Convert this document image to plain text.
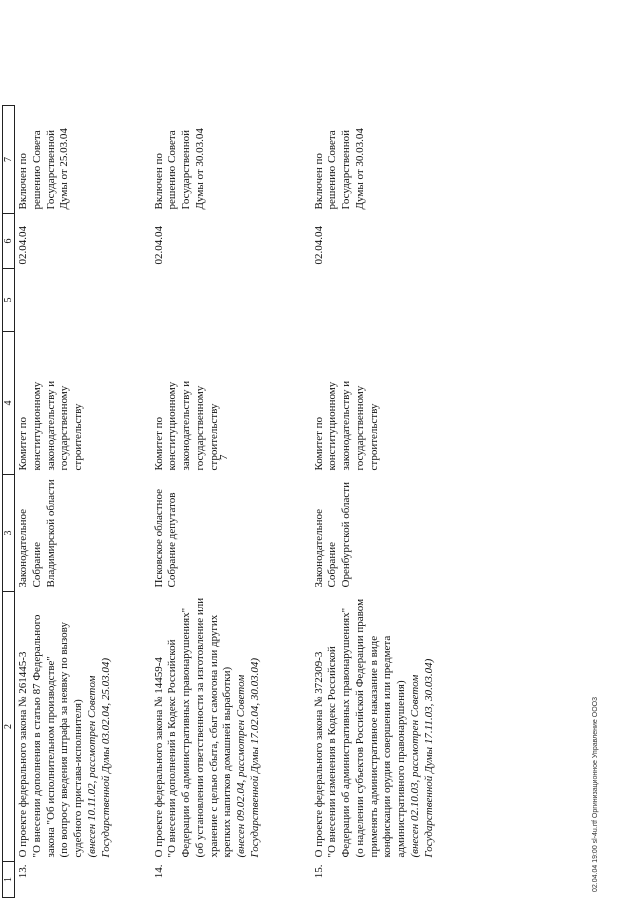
1	2	3	4	5	6	7
13.	О проекте федерального закона № 261445-3 "О внесении дополнения в статью 87 Федерального закона "Об исполнительном производстве" (по вопросу введения штрафа за неявку по вызову судебного пристава-исполнителя) (внесен 10.11.02, рассмотрен Советом Государственной Думы 03.02.04, 25.03.04)	Законодательное Собрание Владимирской области	Комитет по конституционному законодательству и государственному строительству		02.04.04	Включен по решению Совета Государственной Думы от 25.03.04
14.	О проекте федерального закона № 14459-4 "О внесении дополнений в Кодекс Российской Федерации об административных правонарушениях" (об установлении ответственности за изготовление или хранение с целью сбыта, сбыт самогона или других крепких напитков домашней выработки) (внесен 09.02.04, рассмотрен Советом Государственной Думы 17.02.04, 30.03.04)	Псковское областное Собрание депутатов	Комитет по конституционному законодательству и государственному строительству		02.04.04	Включен по решению Совета Государственной Думы от 30.03.04
15.	О проекте федерального закона № 372309-3 "О внесении изменения в Кодекс Российской Федерации об административных правонарушениях" (о наделении субъектов Российской Федерации правом применять административное наказание в виде конфискации орудия совершения или предмета административного правонарушения) (внесен 02.10.03, рассмотрен Советом Государственной Думы 17.11.03, 30.03.04)	Законодательное Собрание Оренбургской области	Комитет по конституционному законодательству и государственному строительству		02.04.04	Включен по решению Совета Государственной Думы от 30.03.04
7
02.04.04 19:00 sl-4u.rtf Оргинизационное Управление ООО3
